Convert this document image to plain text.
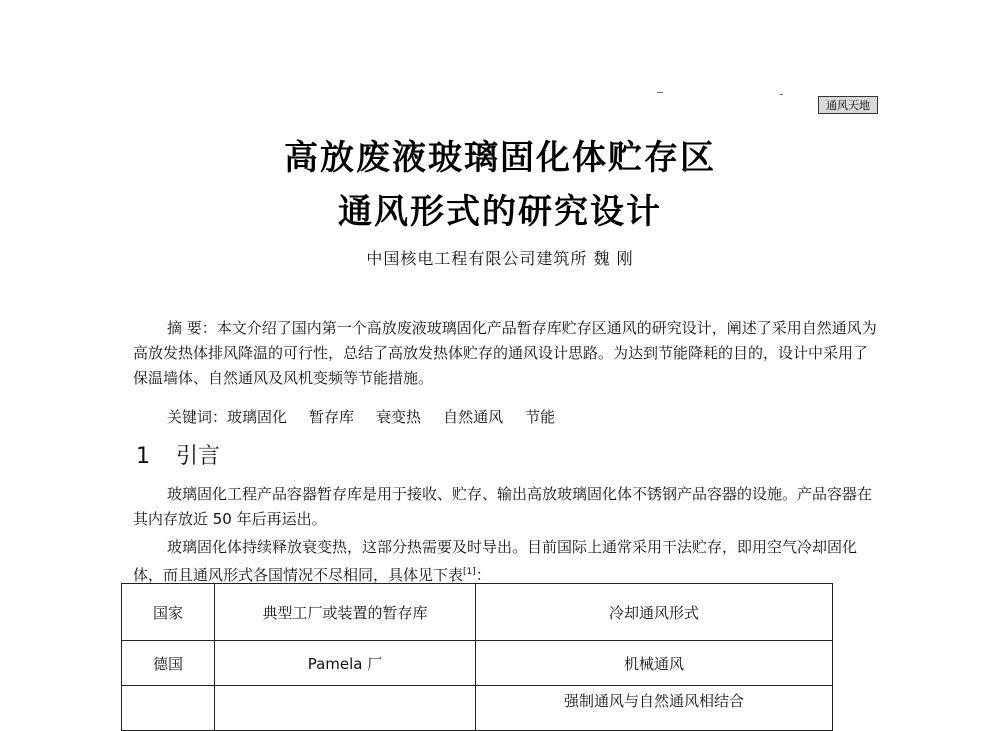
通风天地
高放废液玻璃固化体贮存区
通风形式的研究设计
中国核电工程有限公司建筑所 魏 刚
摘 要：本文介绍了国内第一个高放废液玻璃固化产品暂存库贮存区通风的研究设计，阐述了采用自然通风为高放发热体排风降温的可行性，总结了高放发热体贮存的通风设计思路。为达到节能降耗的目的，设计中采用了保温墙体、自然通风及风机变频等节能措施。
关键词：玻璃固化 暂存库 衰变热 自然通风 节能
1 引言
玻璃固化工程产品容器暂存库是用于接收、贮存、输出高放玻璃固化体不锈钢产品容器的设施。产品容器在其内存放近 50 年后再运出。
玻璃固化体持续释放衰变热，这部分热需要及时导出。目前国际上通常采用干法贮存，即用空气冷却固化体，而且通风形式各国情况不尽相同，具体见下表[1]：
国家	典型工厂或装置的暂存库	冷却通风形式
德国	Pamela 厂	机械通风
		强制通风与自然通风相结合
